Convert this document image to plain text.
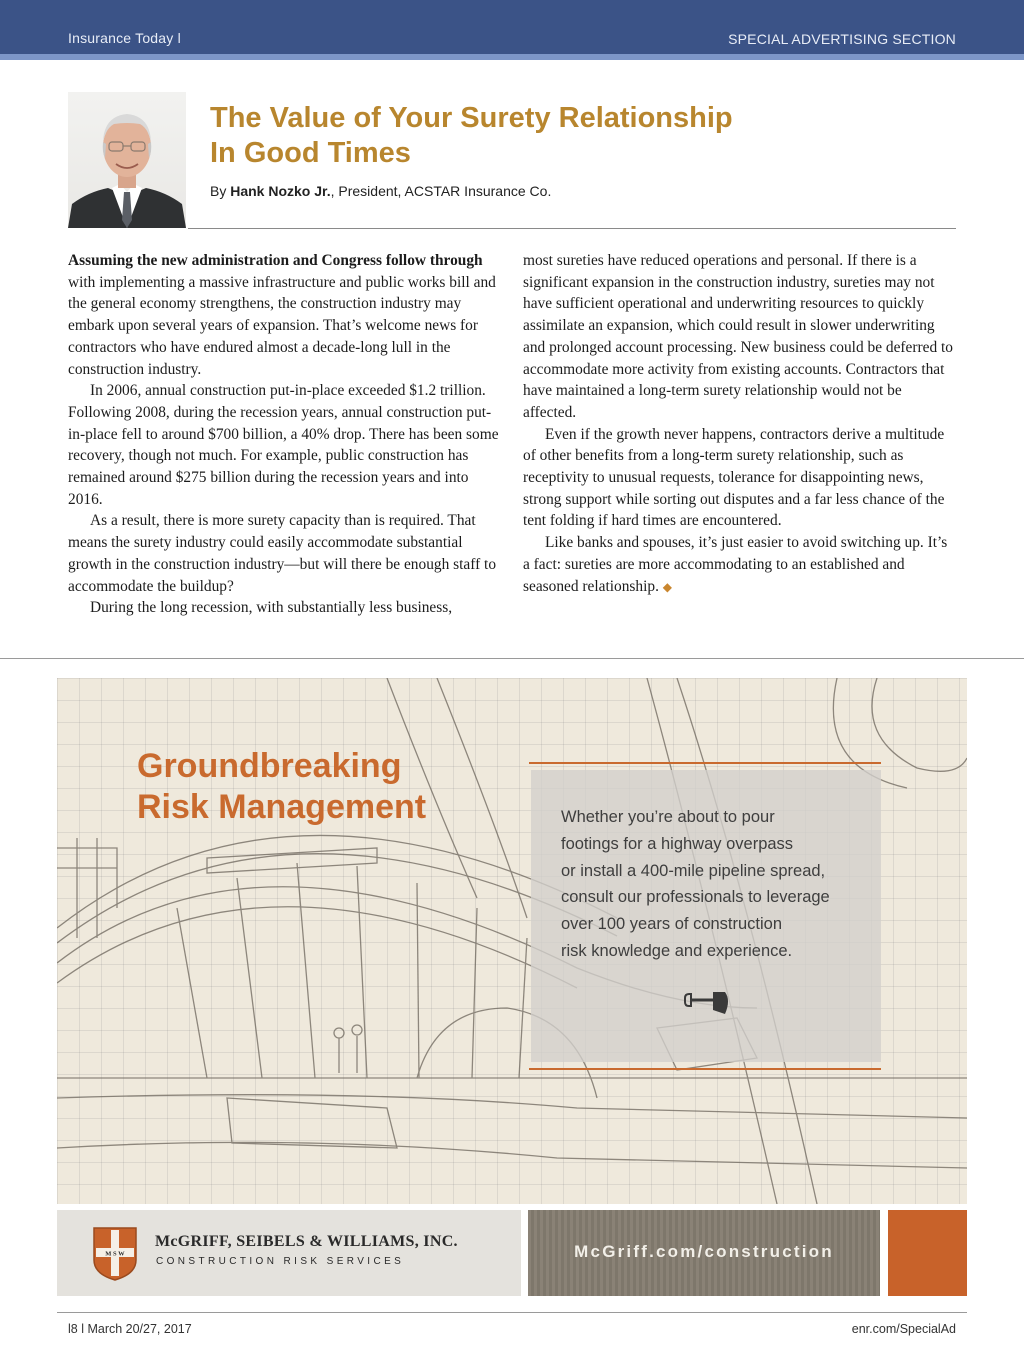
Insurance Today l	SPECIAL ADVERTISING SECTION
The Value of Your Surety Relationship
In Good Times
By Hank Nozko Jr., President, ACSTAR Insurance Co.

Assuming the new administration and Congress follow through with implementing a massive infrastructure and public works bill and the general economy strengthens, the construction industry may embark upon several years of expansion. That’s welcome news for contractors who have endured almost a decade-long lull in the construction industry.

In 2006, annual construction put-in-place exceeded $1.2 trillion. Following 2008, during the recession years, annual construction put-in-place fell to around $700 billion, a 40% drop. There has been some recovery, though not much. For example, public construction has remained around $275 billion during the recession years and into 2016.

As a result, there is more surety capacity than is required. That means the surety industry could easily accommodate substantial growth in the construction industry—but will there be enough staff to accommodate the buildup?

During the long recession, with substantially less business,

most sureties have reduced operations and personal. If there is a significant expansion in the construction industry, sureties may not have sufficient operational and underwriting resources to quickly assimilate an expansion, which could result in slower underwriting and prolonged account processing. New business could be deferred to accommodate more activity from existing accounts. Contractors that have maintained a long-term surety relationship would not be affected.

Even if the growth never happens, contractors derive a multitude of other benefits from a long-term surety relationship, such as receptivity to unusual requests, tolerance for disappointing news, strong support while sorting out disputes and a far less chance of the tent folding if hard times are encountered.

Like banks and spouses, it’s just easier to avoid switching up. It’s a fact: sureties are more accommodating to an established and seasoned relationship. ◆

Groundbreaking
Risk Management	Whether you’re about to pour
footings for a highway overpass
or install a 400-mile pipeline spread,
consult our professionals to leverage
over 100 years of construction
risk knowledge and experience.
M S W
McGRIFF, SEIBELS & WILLIAMS, INC.
CONSTRUCTION RISK SERVICES
McGriff.com/construction
l8 l March 20/27, 2017	enr.com/SpecialAd
